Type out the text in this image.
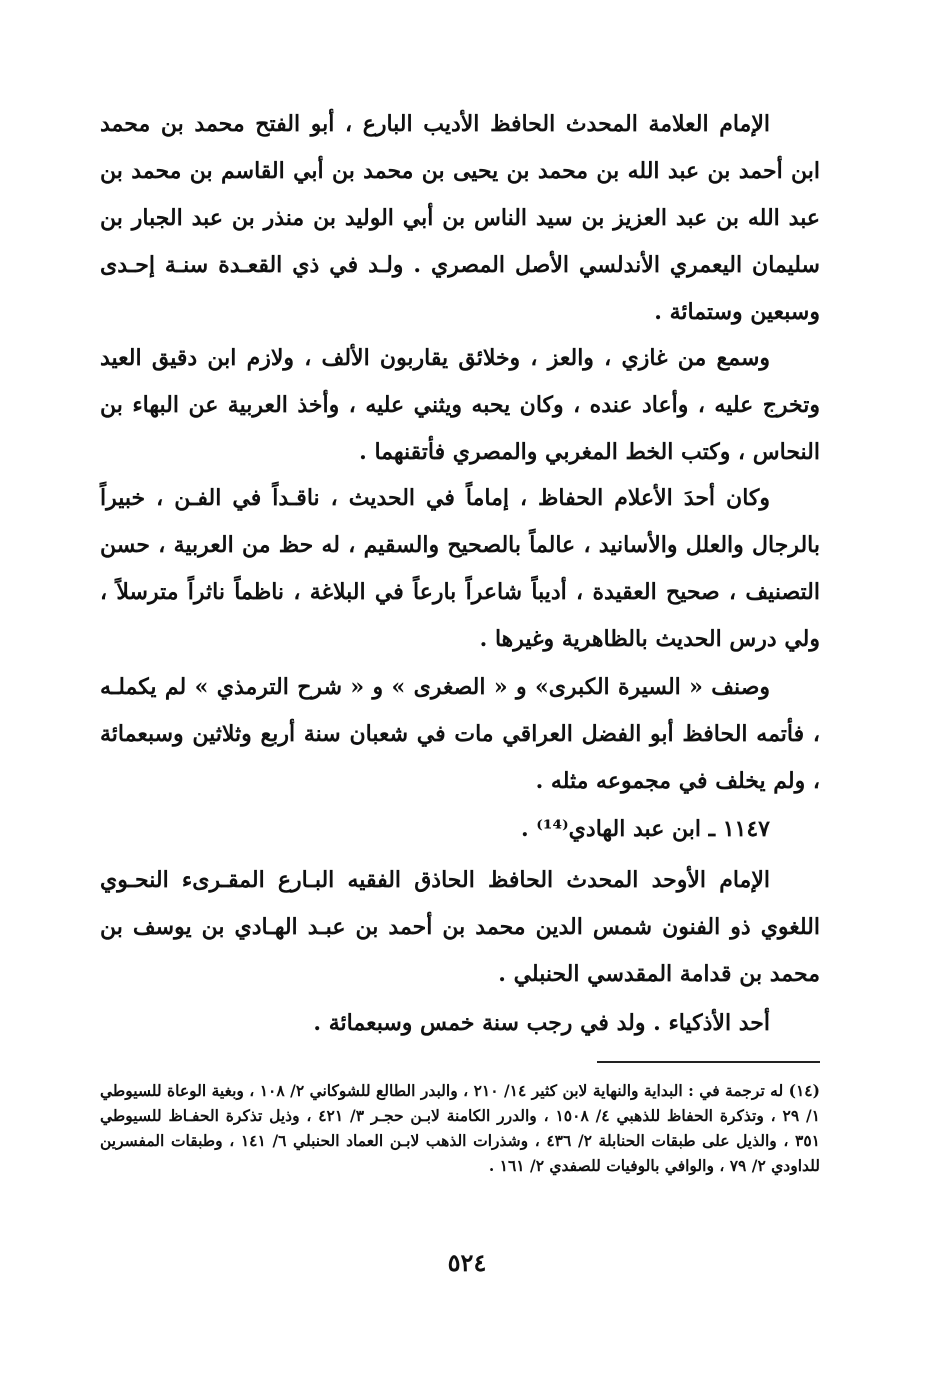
الإمام العلامة المحدث الحافظ الأديب البارع ، أبو الفتح محمد بن محمد ابن أحمد بن عبد الله بن محمد بن يحيى بن محمد بن أبي القاسم بن محمد بن عبد الله بن عبد العزيز بن سيد الناس بن أبي الوليد بن منذر بن عبد الجبار بن سليمان اليعمري الأندلسي الأصل المصري . ولـد في ذي القعـدة سنـة إحـدى وسبعين وستمائة .

وسمع من غازي ، والعز ، وخلائق يقاربون الألف ، ولازم ابن دقيق العيد وتخرج عليه ، وأعاد عنده ، وكان يحبه ويثني عليه ، وأخذ العربية عن البهاء بن النحاس ، وكتب الخط المغربي والمصري فأتقنهما .

وكان أحدَ الأعلام الحفاظ ، إماماً في الحديث ، ناقـداً في الفـن ، خبيراً بالرجال والعلل والأسانيد ، عالماً بالصحيح والسقيم ، له حظ من العربية ، حسن التصنيف ، صحيح العقيدة ، أديباً شاعراً بارعاً في البلاغة ، ناظماً ناثراً مترسلاً ، ولي درس الحديث بالظاهرية وغيرها .

وصنف « السيرة الكبرى» و « الصغرى » و « شرح الترمذي » لم يكملـه ، فأتمه الحافظ أبو الفضل العراقي مات في شعبان سنة أربع وثلاثين وسبعمائة ، ولم يخلف في مجموعه مثله .

١١٤٧ ـ ابن عبد الهادي⁽¹⁴⁾ .

الإمام الأوحد المحدث الحافظ الحاذق الفقيه البـارع المقـرىء النحـوي اللغوي ذو الفنون شمس الدين محمد بن أحمد بن عبـد الهـادي بن يوسف بن محمد بن قدامة المقدسي الحنبلي .

أحد الأذكياء . ولد في رجب سنة خمس وسبعمائة .

(١٤) له ترجمة في : البداية والنهاية لابن كثير ١٤/ ٢١٠ ، والبدر الطالع للشوكاني ٢/ ١٠٨ ، وبغية الوعاة للسيوطي ١/ ٢٩ ، وتذكرة الحفاظ للذهبي ٤/ ١٥٠٨ ، والدرر الكامنة لابـن حجـر ٣/ ٤٢١ ، وذيل تذكرة الحفـاظ للسيوطي ٣٥١ ، والذيل على طبقات الحنابلة ٢/ ٤٣٦ ، وشذرات الذهب لابـن العماد الحنبلي ٦/ ١٤١ ، وطبقات المفسرين للداودي ٢/ ٧٩ ، والوافي بالوفيات للصفدي ٢/ ١٦١ .

٥٢٤
